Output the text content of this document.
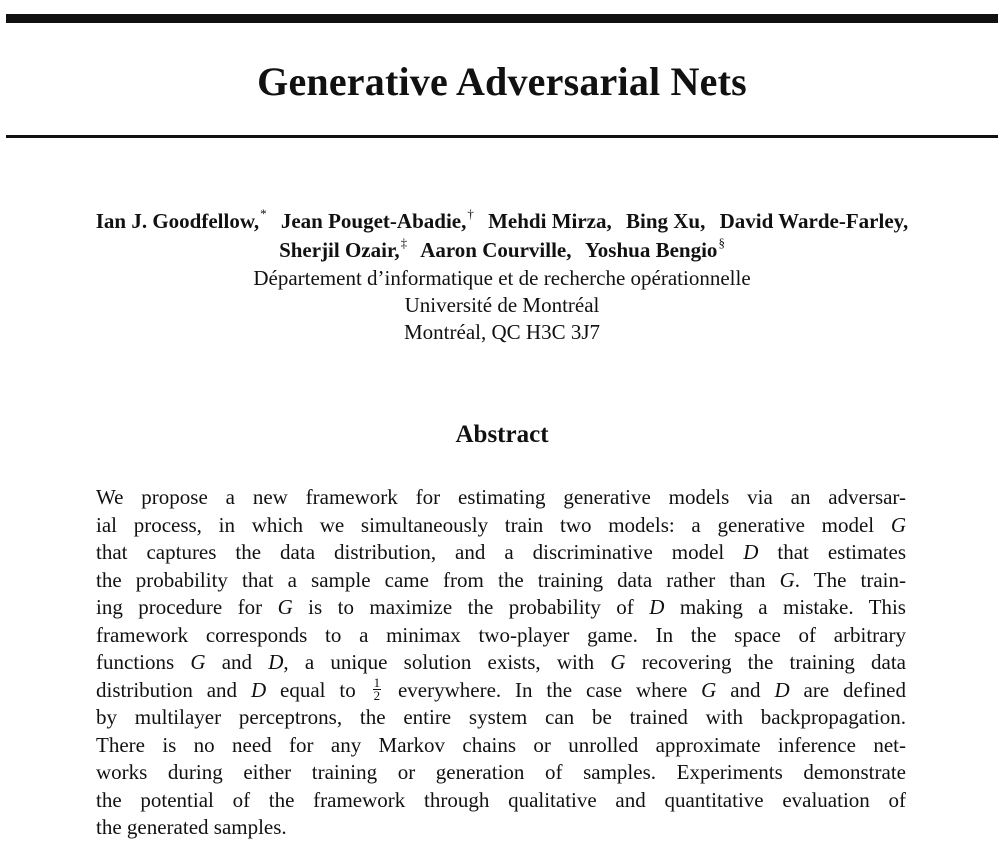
Generative Adversarial Nets
Ian J. Goodfellow,* Jean Pouget-Abadie,† Mehdi Mirza, Bing Xu, David Warde-Farley,
Sherjil Ozair,‡ Aaron Courville, Yoshua Bengio§
Département d’informatique et de recherche opérationnelle
Université de Montréal
Montréal, QC H3C 3J7
Abstract
We propose a new framework for estimating generative models via an adversar-
ial process, in which we simultaneously train two models: a generative model G
that captures the data distribution, and a discriminative model D that estimates
the probability that a sample came from the training data rather than G. The train-
ing procedure for G is to maximize the probability of D making a mistake. This
framework corresponds to a minimax two-player game. In the space of arbitrary
functions G and D, a unique solution exists, with G recovering the training data
distribution and D equal to $\frac{1}{2}$ everywhere. In the case where G and D are defined
by multilayer perceptrons, the entire system can be trained with backpropagation.
There is no need for any Markov chains or unrolled approximate inference net-
works during either training or generation of samples. Experiments demonstrate
the potential of the framework through qualitative and quantitative evaluation of
the generated samples.
